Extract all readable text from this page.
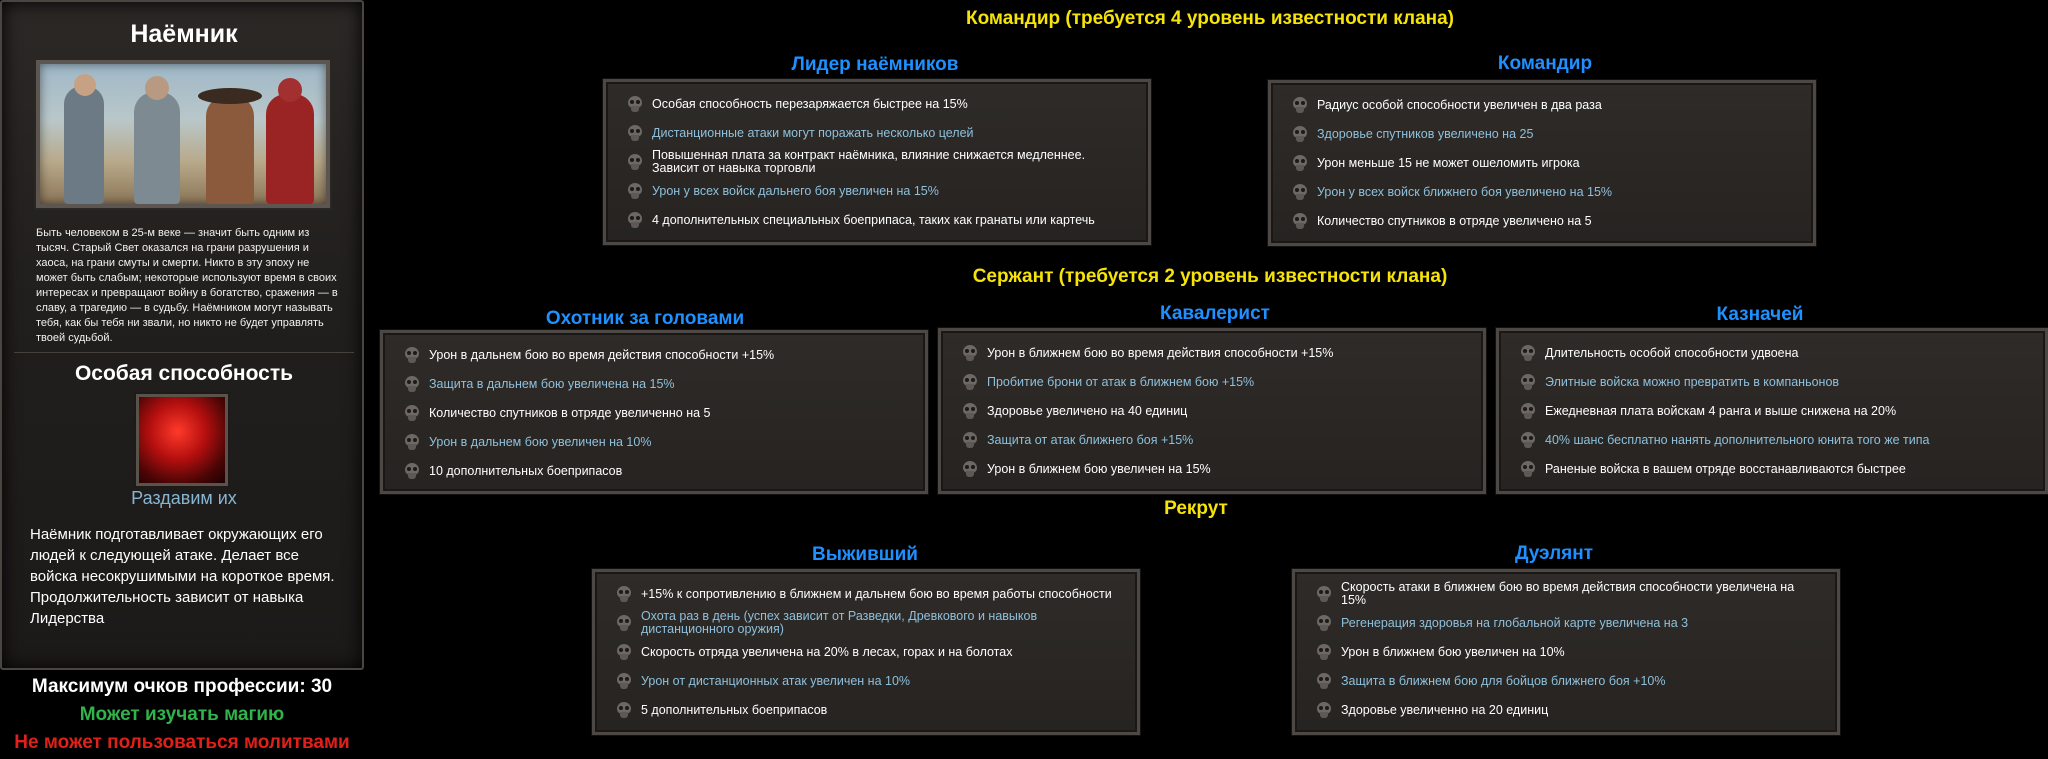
Наёмник
Быть человеком в 25-м веке — значит быть одним из тысяч. Старый Свет оказался на грани разрушения и хаоса, на грани смуты и смерти. Никто в эту эпоху не может быть слабым; некоторые используют время в своих интересах и превращают войну в богатство, сражения — в славу, а трагедию — в судьбу. Наёмником могут называть тебя, как бы тебя ни звали, но никто не будет управлять твоей судьбой.
Особая способность
Раздавим их
Наёмник подготавливает окружающих его людей к следующей атаке. Делает все войска несокрушимыми на короткое время. Продолжительность зависит от навыка Лидерства
Максимум очков профессии: 30
Может изучать магию
Не может пользоваться молитвами
Командир (требуется 4 уровень известности клана)
Сержант (требуется 2 уровень известности клана)
Рекрут
Лидер наёмников	Командир
Охотник за головами	Кавалерист	Казначей
Выживший	Дуэлянт
Особая способность перезаряжается быстрее на 15%
Дистанционные атаки могут поражать несколько целей
Повышенная плата за контракт наёмника, влияние снижается медленнее. Зависит от навыка торговли
Урон у всех войск дальнего боя увеличен на 15%
4 дополнительных специальных боеприпаса, таких как гранаты или картечь
Радиус особой способности увеличен в два раза
Здоровье спутников увеличено на 25
Урон меньше 15 не может ошеломить игрока
Урон у всех войск ближнего боя увеличено на 15%
Количество спутников в отряде увеличено на 5
Урон в дальнем бою во время действия способности +15%
Защита в дальнем бою увеличена на 15%
Количество спутников в отряде увеличенно на 5
Урон в дальнем бою увеличен на 10%
10 дополнительных боеприпасов
Урон в ближнем бою во время действия способности +15%
Пробитие брони от атак в ближнем бою +15%
Здоровье увеличено на 40 единиц
Защита от атак ближнего боя +15%
Урон в ближнем бою увеличен на 15%
Длительность особой способности удвоена
Элитные войска можно превратить в компаньонов
Ежедневная плата войскам 4 ранга и выше снижена на 20%
40% шанс бесплатно нанять дополнительного юнита того же типа
Раненые войска в вашем отряде восстанавливаются быстрее
+15% к сопротивлению в ближнем и дальнем бою во время работы способности
Охота раз в день (успех зависит от Разведки, Древкового и навыков дистанционного оружия)
Скорость отряда увеличена на 20% в лесах, горах и на болотах
Урон от дистанционных атак увеличен на 10%
5 дополнительных боеприпасов
Скорость атаки в ближнем бою во время действия способности увеличена на 15%
Регенерация здоровья на глобальной карте увеличена на 3
Урон в ближнем бою увеличен на 10%
Защита в ближнем бою для бойцов ближнего боя +10%
Здоровье увеличенно на 20 единиц
